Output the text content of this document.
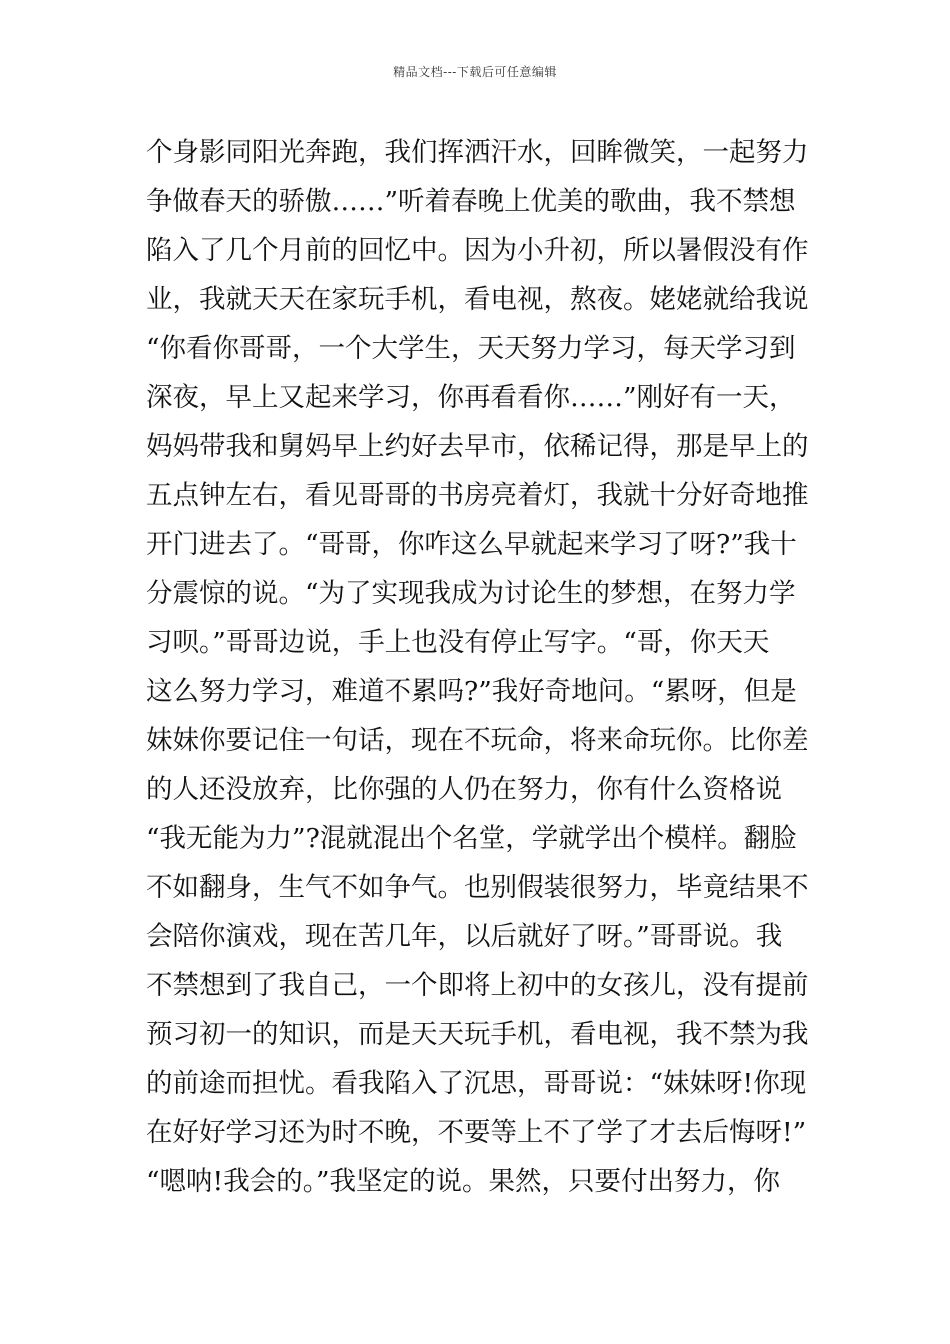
精品文档---下载后可任意编辑
个身影同阳光奔跑，我们挥洒汗水，回眸微笑，一起努力
争做春天的骄傲……”听着春晚上优美的歌曲，我不禁想
陷入了几个月前的回忆中。因为小升初，所以暑假没有作
业，我就天天在家玩手机，看电视，熬夜。姥姥就给我说
“你看你哥哥，一个大学生，天天努力学习，每天学习到
深夜，早上又起来学习，你再看看你……”刚好有一天，
妈妈带我和舅妈早上约好去早市，依稀记得，那是早上的
五点钟左右，看见哥哥的书房亮着灯，我就十分好奇地推
开门进去了。“哥哥，你咋这么早就起来学习了呀?”我十
分震惊的说。“为了实现我成为讨论生的梦想，在努力学
习呗。”哥哥边说，手上也没有停止写字。“哥，你天天
这么努力学习，难道不累吗?”我好奇地问。“累呀，但是
妹妹你要记住一句话，现在不玩命，将来命玩你。比你差
的人还没放弃，比你强的人仍在努力，你有什么资格说
“我无能为力”?混就混出个名堂，学就学出个模样。翻脸
不如翻身，生气不如争气。也别假装很努力，毕竟结果不
会陪你演戏，现在苦几年，以后就好了呀。”哥哥说。我
不禁想到了我自己，一个即将上初中的女孩儿，没有提前
预习初一的知识，而是天天玩手机，看电视，我不禁为我
的前途而担忧。看我陷入了沉思，哥哥说：“妹妹呀!你现
在好好学习还为时不晚，不要等上不了学了才去后悔呀!”
“嗯呐!我会的。”我坚定的说。果然，只要付出努力，你
